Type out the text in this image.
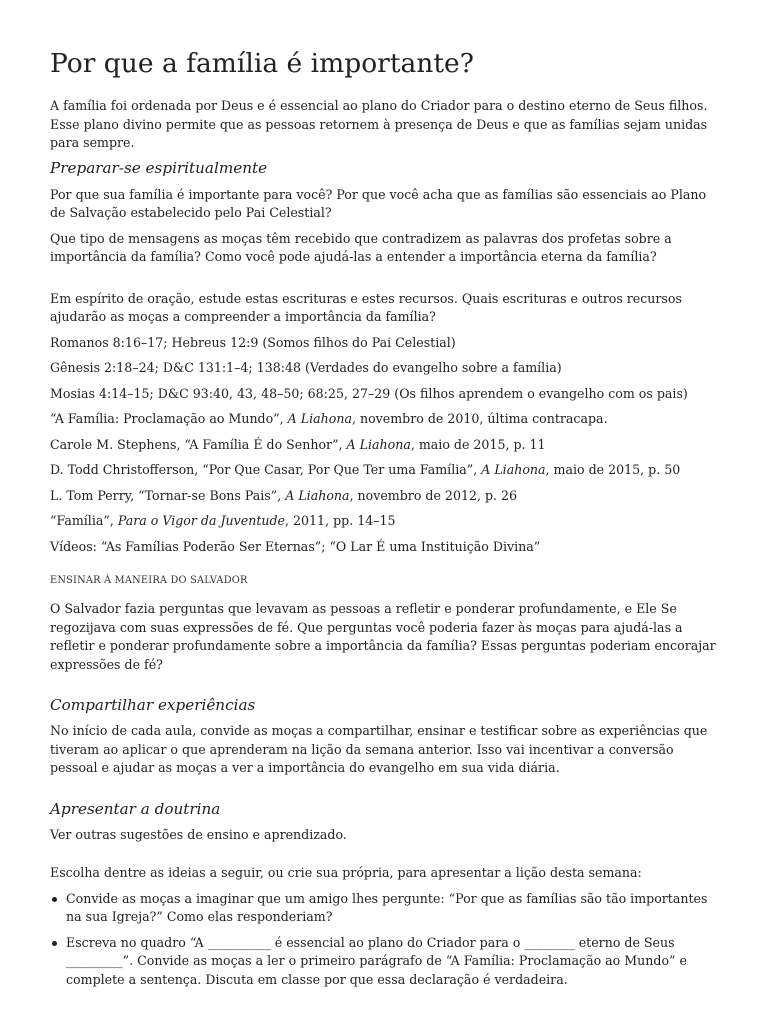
Por que a família é importante?

A família foi ordenada por Deus e é essencial ao plano do Criador para o destino eterno de Seus filhos. Esse plano divino permite que as pessoas retornem à presença de Deus e que as famílias sejam unidas para sempre.

Preparar-se espiritualmente

Por que sua família é importante para você? Por que você acha que as famílias são essenciais ao Plano de Salvação estabelecido pelo Pai Celestial?

Que tipo de mensagens as moças têm recebido que contradizem as palavras dos profetas sobre a importância da família? Como você pode ajudá-las a entender a importância eterna da família?

Em espírito de oração, estude estas escrituras e estes recursos. Quais escrituras e outros recursos ajudarão as moças a compreender a importância da família?

Romanos 8:16–17; Hebreus 12:9 (Somos filhos do Pai Celestial)
Gênesis 2:18–24; D&C 131:1–4; 138:48 (Verdades do evangelho sobre a família)
Mosias 4:14–15; D&C 93:40, 43, 48–50; 68:25, 27–29 (Os filhos aprendem o evangelho com os pais)
“A Família: Proclamação ao Mundo”, A Liahona, novembro de 2010, última contracapa.
Carole M. Stephens, “A Família É do Senhor”, A Liahona, maio de 2015, p. 11
D. Todd Christofferson, “Por Que Casar, Por Que Ter uma Família”, A Liahona, maio de 2015, p. 50
L. Tom Perry, “Tornar-se Bons Pais”, A Liahona, novembro de 2012, p. 26
“Família”, Para o Vigor da Juventude, 2011, pp. 14–15
Vídeos: “As Famílias Poderão Ser Eternas”; “O Lar É uma Instituição Divina”
ENSINAR À MANEIRA DO SALVADOR

O Salvador fazia perguntas que levavam as pessoas a refletir e ponderar profundamente, e Ele Se regozijava com suas expressões de fé. Que perguntas você poderia fazer às moças para ajudá-las a refletir e ponderar profundamente sobre a importância da família? Essas perguntas poderiam encorajar expressões de fé?

Compartilhar experiências

No início de cada aula, convide as moças a compartilhar, ensinar e testificar sobre as experiências que tiveram ao aplicar o que aprenderam na lição da semana anterior. Isso vai incentivar a conversão pessoal e ajudar as moças a ver a importância do evangelho em sua vida diária.

Apresentar a doutrina

Ver outras sugestões de ensino e aprendizado.

Escolha dentre as ideias a seguir, ou crie sua própria, para apresentar a lição desta semana:

Convide as moças a imaginar que um amigo lhes pergunte: “Por que as famílias são tão importantes na sua Igreja?” Como elas responderiam?
Escreva no quadro “A __________ é essencial ao plano do Criador para o ________ eterno de Seus _________”. Convide as moças a ler o primeiro parágrafo de “A Família: Proclamação ao Mundo” e complete a sentença. Discuta em classe por que essa declaração é verdadeira.
